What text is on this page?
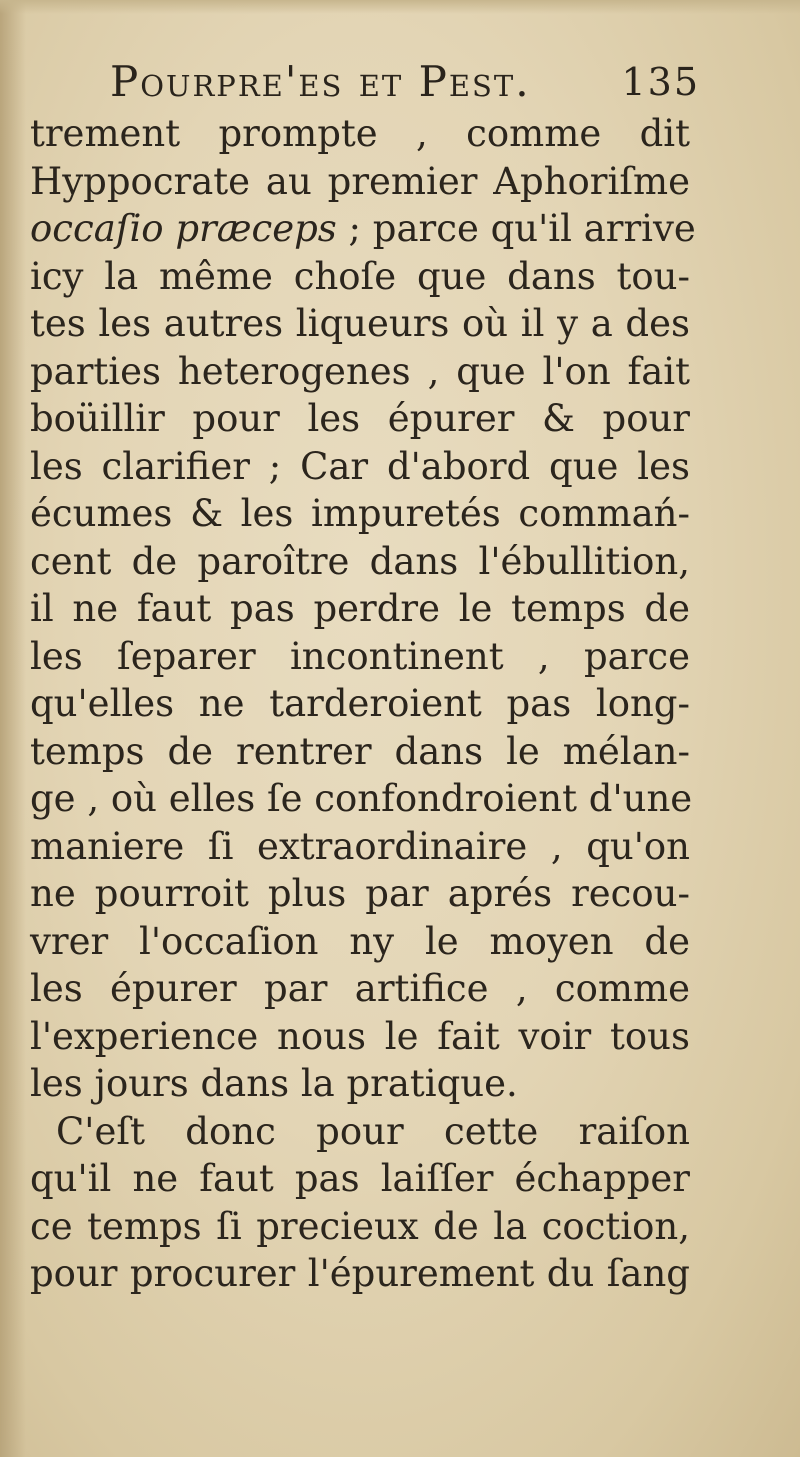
Pourpre'es et Pest. 135
trement prompte , comme dit
Hyppocrate au premier Aphoriſme
occaſio præceps ; parce qu'il arrive
icy la même choſe que dans tou-
tes les autres liqueurs où il y a des
parties heterogenes , que l'on fait
boüillir pour les épurer & pour
les clarifier ; Car d'abord que les
écumes & les impuretés commań-
cent de paroître dans l'ébullition,
il ne faut pas perdre le temps de
les ſeparer incontinent , parce
qu'elles ne tarderoient pas long-
temps de rentrer dans le mélan-
ge , où elles ſe confondroient d'une
maniere ſi extraordinaire , qu'on
ne pourroit plus par aprés recou-
vrer l'occaſion ny le moyen de
les épurer par artifice , comme
l'experience nous le fait voir tous
les jours dans la pratique.
C'eſt donc pour cette raiſon
qu'il ne faut pas laiſſer échapper
ce temps ſi precieux de la coction,
pour procurer l'épurement du ſang
